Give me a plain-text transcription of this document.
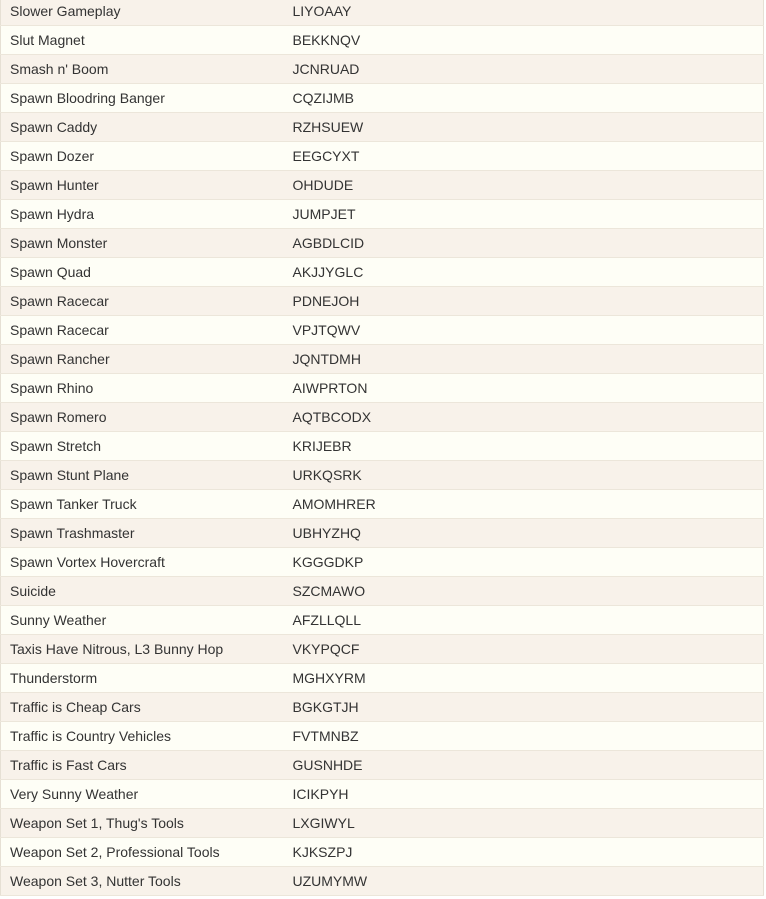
Slower Gameplay	LIYOAAY
Slut Magnet	BEKKNQV
Smash n' Boom	JCNRUAD
Spawn Bloodring Banger	CQZIJMB
Spawn Caddy	RZHSUEW
Spawn Dozer	EEGCYXT
Spawn Hunter	OHDUDE
Spawn Hydra	JUMPJET
Spawn Monster	AGBDLCID
Spawn Quad	AKJJYGLC
Spawn Racecar	PDNEJOH
Spawn Racecar	VPJTQWV
Spawn Rancher	JQNTDMH
Spawn Rhino	AIWPRTON
Spawn Romero	AQTBCODX
Spawn Stretch	KRIJEBR
Spawn Stunt Plane	URKQSRK
Spawn Tanker Truck	AMOMHRER
Spawn Trashmaster	UBHYZHQ
Spawn Vortex Hovercraft	KGGGDKP
Suicide	SZCMAWO
Sunny Weather	AFZLLQLL
Taxis Have Nitrous, L3 Bunny Hop	VKYPQCF
Thunderstorm	MGHXYRM
Traffic is Cheap Cars	BGKGTJH
Traffic is Country Vehicles	FVTMNBZ
Traffic is Fast Cars	GUSNHDE
Very Sunny Weather	ICIKPYH
Weapon Set 1, Thug's Tools	LXGIWYL
Weapon Set 2, Professional Tools	KJKSZPJ
Weapon Set 3, Nutter Tools	UZUMYMW
